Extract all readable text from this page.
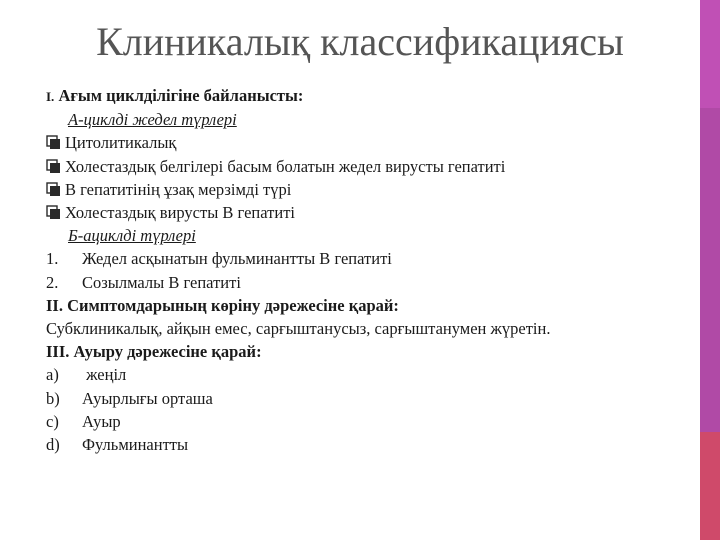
Клиникалық классификациясы
I. Ағым циклділігіне байланысты:
А-циклді жедел түрлері
Цитолитикалық
Холестаздық белгілері басым болатын жедел вирусты гепатиті
В гепатитінің ұзақ мерзімді түрі
Холестаздық вирусты В гепатиті
Б-ациклді түрлері
1. Жедел асқынатын фульминантты В гепатиті
2. Созылмалы В гепатиті
II. Симптомдарының көріну дәрежесіне қарай:
Субклиникалық, айқын емес, сарғыштанусыз, сарғыштанумен жүретін.
III. Ауыру дәрежесіне қарай:
a) жеңіл
b) Ауырлығы орташа
c) Ауыр
d) Фульминантты
